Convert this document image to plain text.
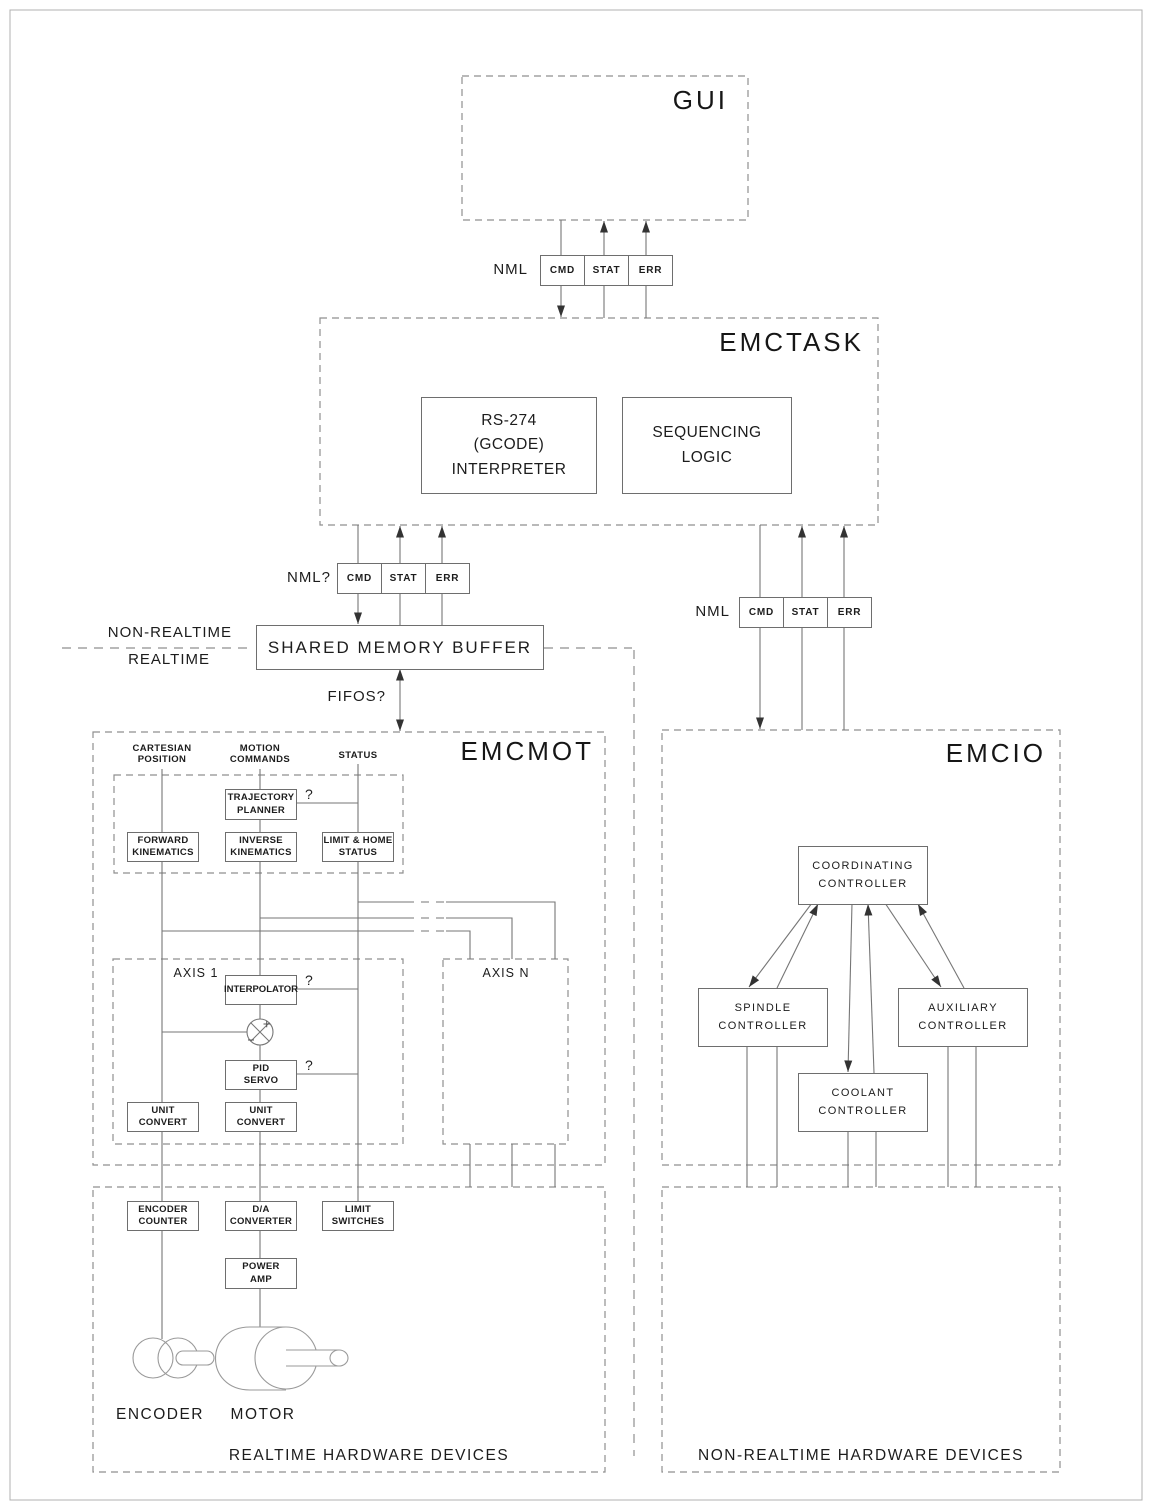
GUI
EMCTASK
EMCMOT	EMCIO
NML	CMD	STAT	ERR
NML?	CMD	STAT	ERR
NML	CMD	STAT	ERR
RS-274
(GCODE)
INTERPRETER
SEQUENCING
LOGIC
NON-REALTIME
REALTIME
SHARED MEMORY BUFFER
FIFOS?
CARTESIAN
POSITION
MOTION
COMMANDS	STATUS
TRAJECTORY
PLANNER
FORWARD
KINEMATICS
INVERSE
KINEMATICS
LIMIT & HOME
STATUS
AXIS 1	AXIS N
INTERPOLATOR
PID
SERVO
UNIT
CONVERT
UNIT
CONVERT
?
?
?
COORDINATING
CONTROLLER
SPINDLE
CONTROLLER
AUXILIARY
CONTROLLER
COOLANT
CONTROLLER
ENCODER
COUNTER
D/A
CONVERTER
LIMIT
SWITCHES
POWER
AMP
ENCODER	MOTOR
REALTIME HARDWARE DEVICES	NON-REALTIME HARDWARE DEVICES
